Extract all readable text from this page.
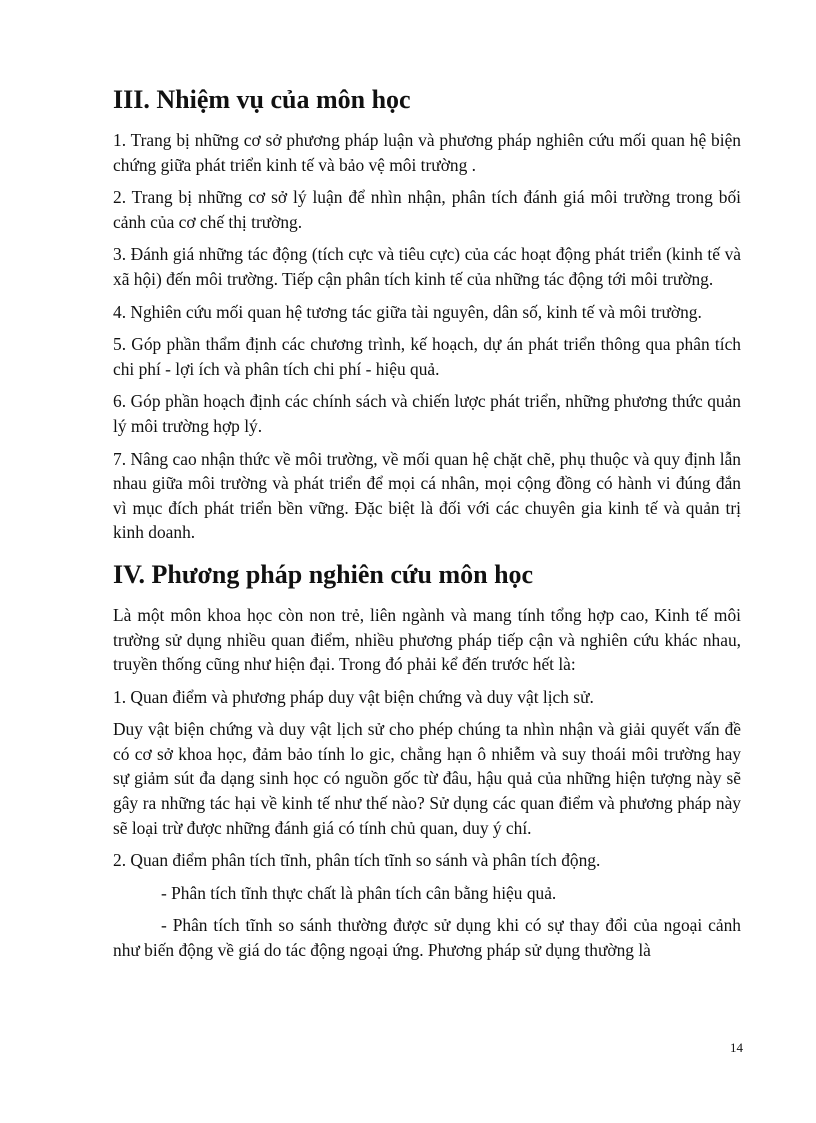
III. Nhiệm vụ của môn học

1. Trang bị những cơ sở phương pháp luận và phương pháp nghiên cứu mối quan hệ biện chứng giữa phát triển kinh tế và bảo vệ môi trường .

2. Trang bị những cơ sở lý luận để nhìn nhận, phân tích đánh giá môi trường trong bối cảnh của cơ chế thị trường.

3. Đánh giá những tác động (tích cực và tiêu cực) của các hoạt động phát triển (kinh tế và xã hội) đến môi trường. Tiếp cận phân tích kinh tế của những tác động tới môi trường.

4. Nghiên cứu mối quan hệ tương tác giữa tài nguyên, dân số, kinh tế và môi trường.

5. Góp phần thẩm định các chương trình, kế hoạch, dự án phát triển thông qua phân tích chi phí - lợi ích và phân tích chi phí - hiệu quả.

6. Góp phần hoạch định các chính sách và chiến lược phát triển, những phương thức quản lý môi trường hợp lý.

7. Nâng cao nhận thức về môi trường, về mối quan hệ chặt chẽ, phụ thuộc và quy định lẫn nhau giữa môi trường và phát triển để mọi cá nhân, mọi cộng đồng có hành vi đúng đắn vì mục đích phát triển bền vững. Đặc biệt là đối với các chuyên gia kinh tế và quản trị kinh doanh.

IV. Phương pháp nghiên cứu môn học

Là một môn khoa học còn non trẻ, liên ngành và mang tính tổng hợp cao, Kinh tế môi trường sử dụng nhiều quan điểm, nhiều phương pháp tiếp cận và nghiên cứu khác nhau, truyền thống cũng như hiện đại. Trong đó phải kể đến trước hết là:

1. Quan điểm và phương pháp duy vật biện chứng và duy vật lịch sử.

Duy vật biện chứng và duy vật lịch sử cho phép chúng ta nhìn nhận và giải quyết vấn đề có cơ sở khoa học, đảm bảo tính lo gic, chẳng hạn ô nhiễm và suy thoái môi trường hay sự giảm sút đa dạng sinh học có nguồn gốc từ đâu, hậu quả của những hiện tượng này sẽ gây ra những tác hại về kinh tế như thế nào? Sử dụng các quan điểm và phương pháp này sẽ loại trừ được những đánh giá có tính chủ quan, duy ý chí.

2. Quan điểm phân tích tĩnh, phân tích tĩnh so sánh và phân tích động.

- Phân tích tĩnh thực chất là phân tích cân bằng hiệu quả.

- Phân tích tĩnh so sánh thường được sử dụng khi có sự thay đổi của ngoại cảnh như biến động về giá do tác động ngoại ứng. Phương pháp sử dụng thường là

14
